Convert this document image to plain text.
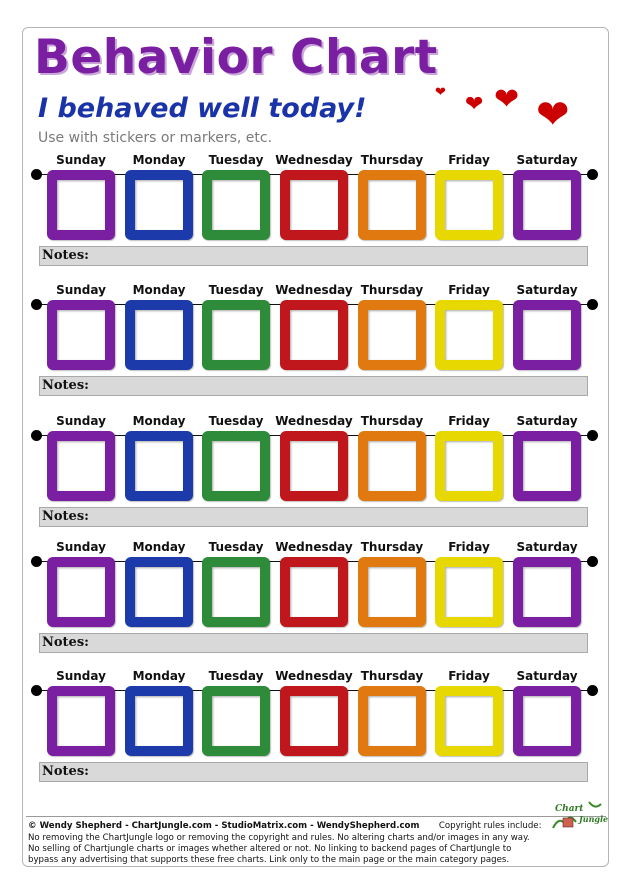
Behavior Chart
I behaved well today!

Use with stickers or markers, etc.

❤ ❤ ❤ ❤
Sunday	Monday	Tuesday Wednesday Thursday	Friday	Saturday
Notes:
Sunday	Monday	Tuesday Wednesday Thursday	Friday	Saturday
Notes:
Sunday	Monday	Tuesday Wednesday Thursday	Friday	Saturday
Notes:
Sunday	Monday	Tuesday Wednesday Thursday	Friday	Saturday
Notes:
Sunday	Monday	Tuesday Wednesday Thursday	Friday	Saturday
Notes:
© Wendy Shepherd - ChartJungle.com - StudioMatrix.com - WendyShepherd.com Copyright rules include:
No removing the ChartJungle logo or removing the copyright and rules. No altering charts and/or images in any way.
No selling of Chartjungle charts or images whether altered or not. No linking to backend pages of ChartJungle to
bypass any advertising that supports these free charts. Link only to the main page or the main category pages.
Chart
Jungle
